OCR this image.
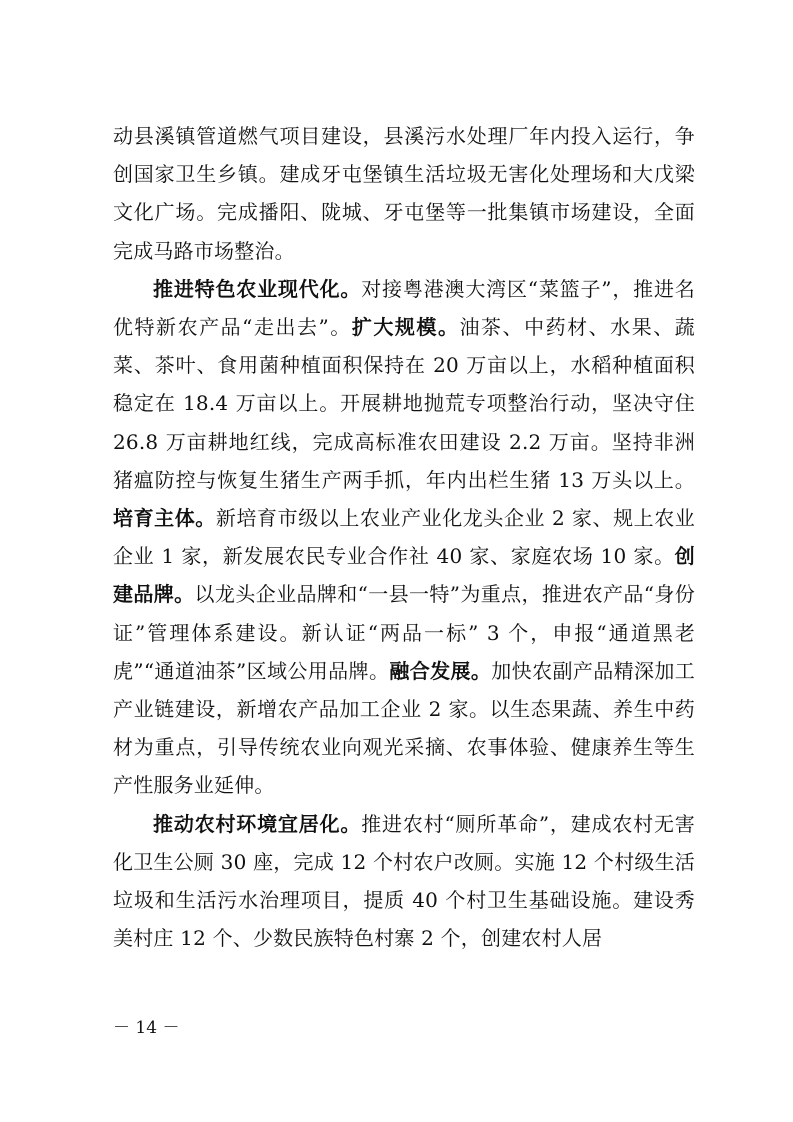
动县溪镇管道燃气项目建设，县溪污水处理厂年内投入运行，争创国家卫生乡镇。建成牙屯堡镇生活垃圾无害化处理场和大戊梁文化广场。完成播阳、陇城、牙屯堡等一批集镇市场建设，全面完成马路市场整治。

推进特色农业现代化。对接粤港澳大湾区“菜篮子”，推进名优特新农产品“走出去”。扩大规模。油茶、中药材、水果、蔬菜、茶叶、食用菌种植面积保持在 20 万亩以上，水稻种植面积稳定在 18.4 万亩以上。开展耕地抛荒专项整治行动，坚决守住 26.8 万亩耕地红线，完成高标准农田建设 2.2 万亩。坚持非洲猪瘟防控与恢复生猪生产两手抓，年内出栏生猪 13 万头以上。培育主体。新培育市级以上农业产业化龙头企业 2 家、规上农业企业 1 家，新发展农民专业合作社 40 家、家庭农场 10 家。创建品牌。以龙头企业品牌和“一县一特”为重点，推进农产品“身份证”管理体系建设。新认证“两品一标” 3 个，申报“通道黑老虎”“通道油茶”区域公用品牌。融合发展。加快农副产品精深加工产业链建设，新增农产品加工企业 2 家。以生态果蔬、养生中药材为重点，引导传统农业向观光采摘、农事体验、健康养生等生产性服务业延伸。

推动农村环境宜居化。推进农村“厕所革命”，建成农村无害化卫生公厕 30 座，完成 12 个村农户改厕。实施 12 个村级生活垃圾和生活污水治理项目，提质 40 个村卫生基础设施。建设秀美村庄 12 个、少数民族特色村寨 2 个，创建农村人居

－ 14 －
